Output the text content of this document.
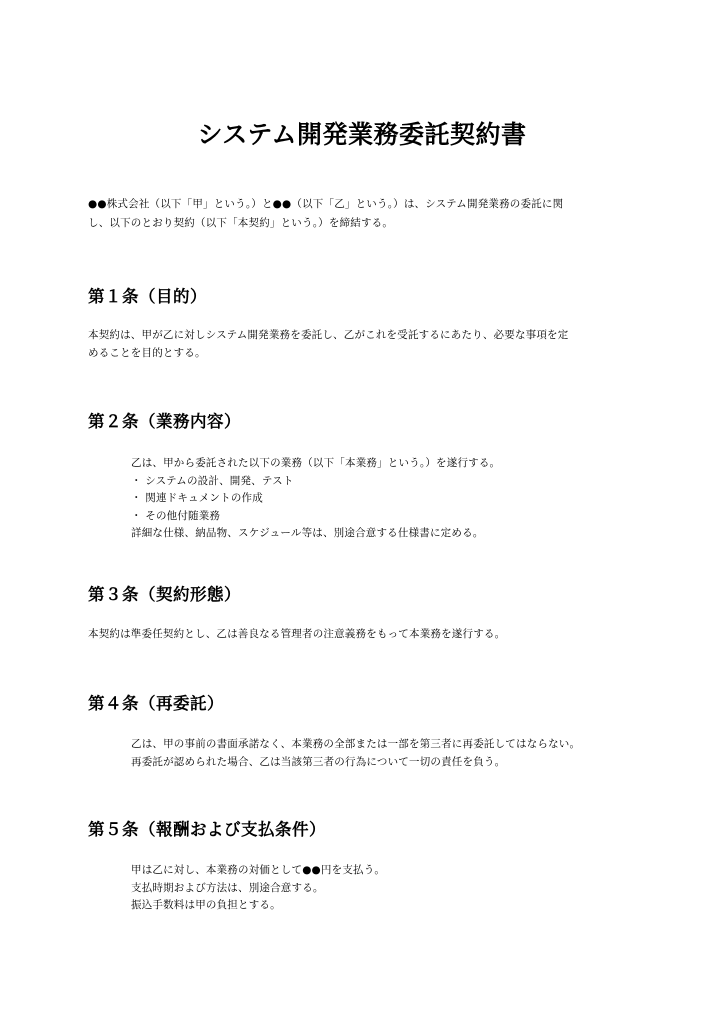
システム開発業務委託契約書
●●株式会社（以下「甲」という。）と●●（以下「乙」という。）は、システム開発業務の委託に関
し、以下のとおり契約（以下「本契約」という。）を締結する。
第１条（目的）
本契約は、甲が乙に対しシステム開発業務を委託し、乙がこれを受託するにあたり、必要な事項を定
めることを目的とする。
第２条（業務内容）
乙は、甲から委託された以下の業務（以下「本業務」という。）を遂行する。
・ システムの設計、開発、テスト
・ 関連ドキュメントの作成
・ その他付随業務
詳細な仕様、納品物、スケジュール等は、別途合意する仕様書に定める。
第３条（契約形態）
本契約は準委任契約とし、乙は善良なる管理者の注意義務をもって本業務を遂行する。
第４条（再委託）
乙は、甲の事前の書面承諾なく、本業務の全部または一部を第三者に再委託してはならない。
再委託が認められた場合、乙は当該第三者の行為について一切の責任を負う。
第５条（報酬および支払条件）
甲は乙に対し、本業務の対価として●●円を支払う。
支払時期および方法は、別途合意する。
振込手数料は甲の負担とする。
